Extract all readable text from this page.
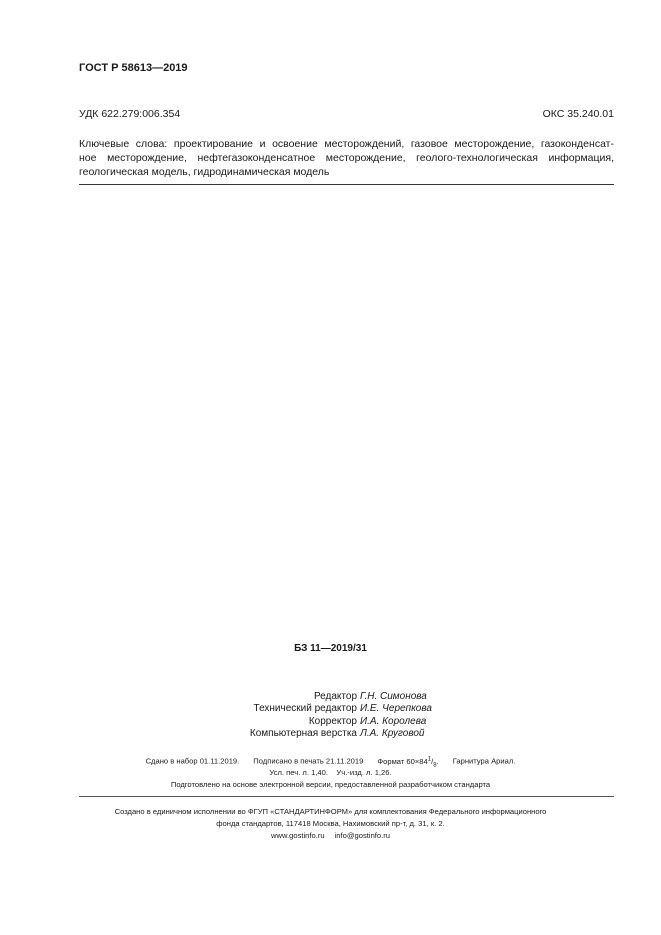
ГОСТ Р 58613—2019
УДК 622.279:006.354	ОКС 35.240.01
Ключевые слова: проектирование и освоение месторождений, газовое месторождение, газоконденсат-
ное месторождение, нефтегазоконденсатное месторождение, геолого-технологическая информация,
геологическая модель, гидродинамическая модель
БЗ 11—2019/31
Редактор Г.Н. Симонова
Технический редактор И.Е. Черепкова
Корректор И.А. Королева
Компьютерная верстка Л.А. Круговой
Сдано в набор 01.11.2019. Подписано в печать 21.11.2019 Формат $60\times 84^1/_8$. Гарнитура Ариал.
Усл. печ. л. 1,40. Уч.-изд. л. 1,26.
Подготовлено на основе электронной версии, предоставленной разработчиком стандарта
Создано в единичном исполнении во ФГУП «СТАНДАРТИНФОРМ» для комплектования Федерального информационного
фонда стандартов, 117418 Москва, Нахимовский пр-т, д. 31, к. 2.
www.gostinfo.ru info@gostinfo.ru
